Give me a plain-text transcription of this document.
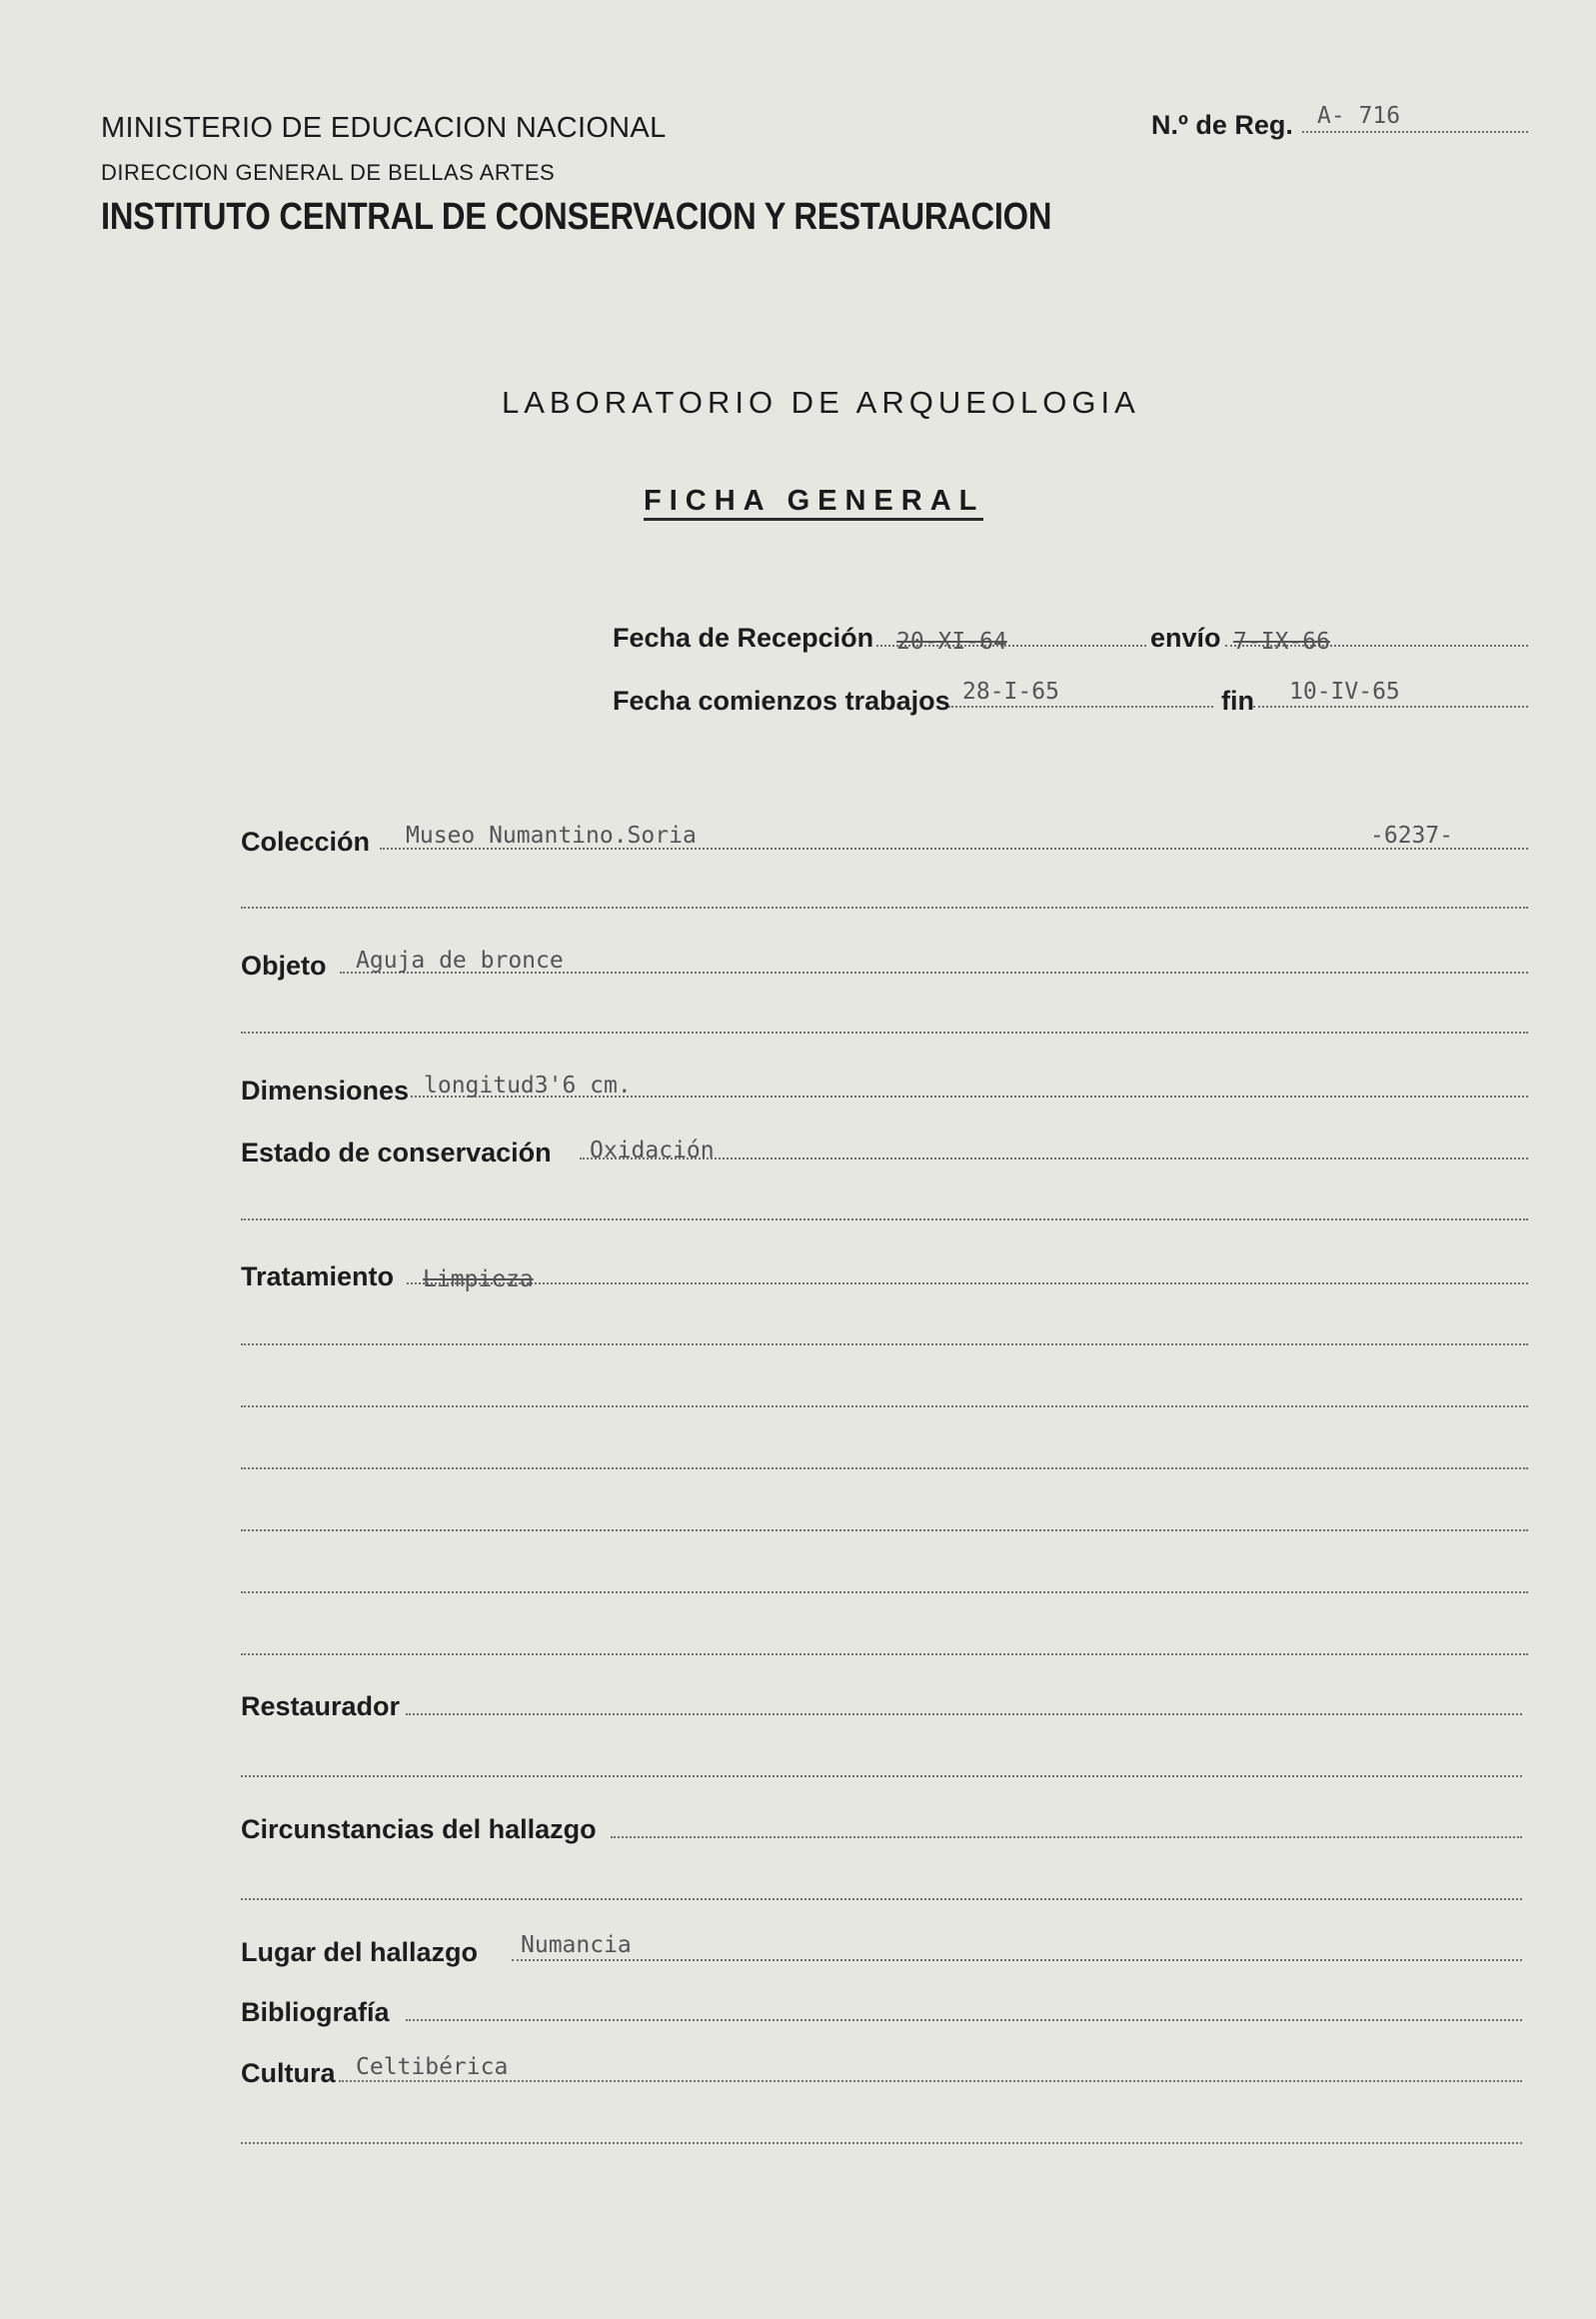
MINISTERIO DE EDUCACION NACIONAL
DIRECCION GENERAL DE BELLAS ARTES
INSTITUTO CENTRAL DE CONSERVACION Y RESTAURACION
N.º de Reg. A- 716
LABORATORIO DE ARQUEOLOGIA
FICHA GENERAL
Fecha de Recepción 20-XI-64	envío 7-IX-66
Fecha comienzos trabajos 28-I-65	fin 10-IV-65
Colección Museo Numantino.Soria	-6237-
Objeto Aguja de bronce
Dimensiones longitud3'6 cm.
Estado de conservación Oxidación
Tratamiento Limpieza
Restaurador
Circunstancias del hallazgo
Lugar del hallazgo Numancia
Bibliografía
Cultura Celtibérica
